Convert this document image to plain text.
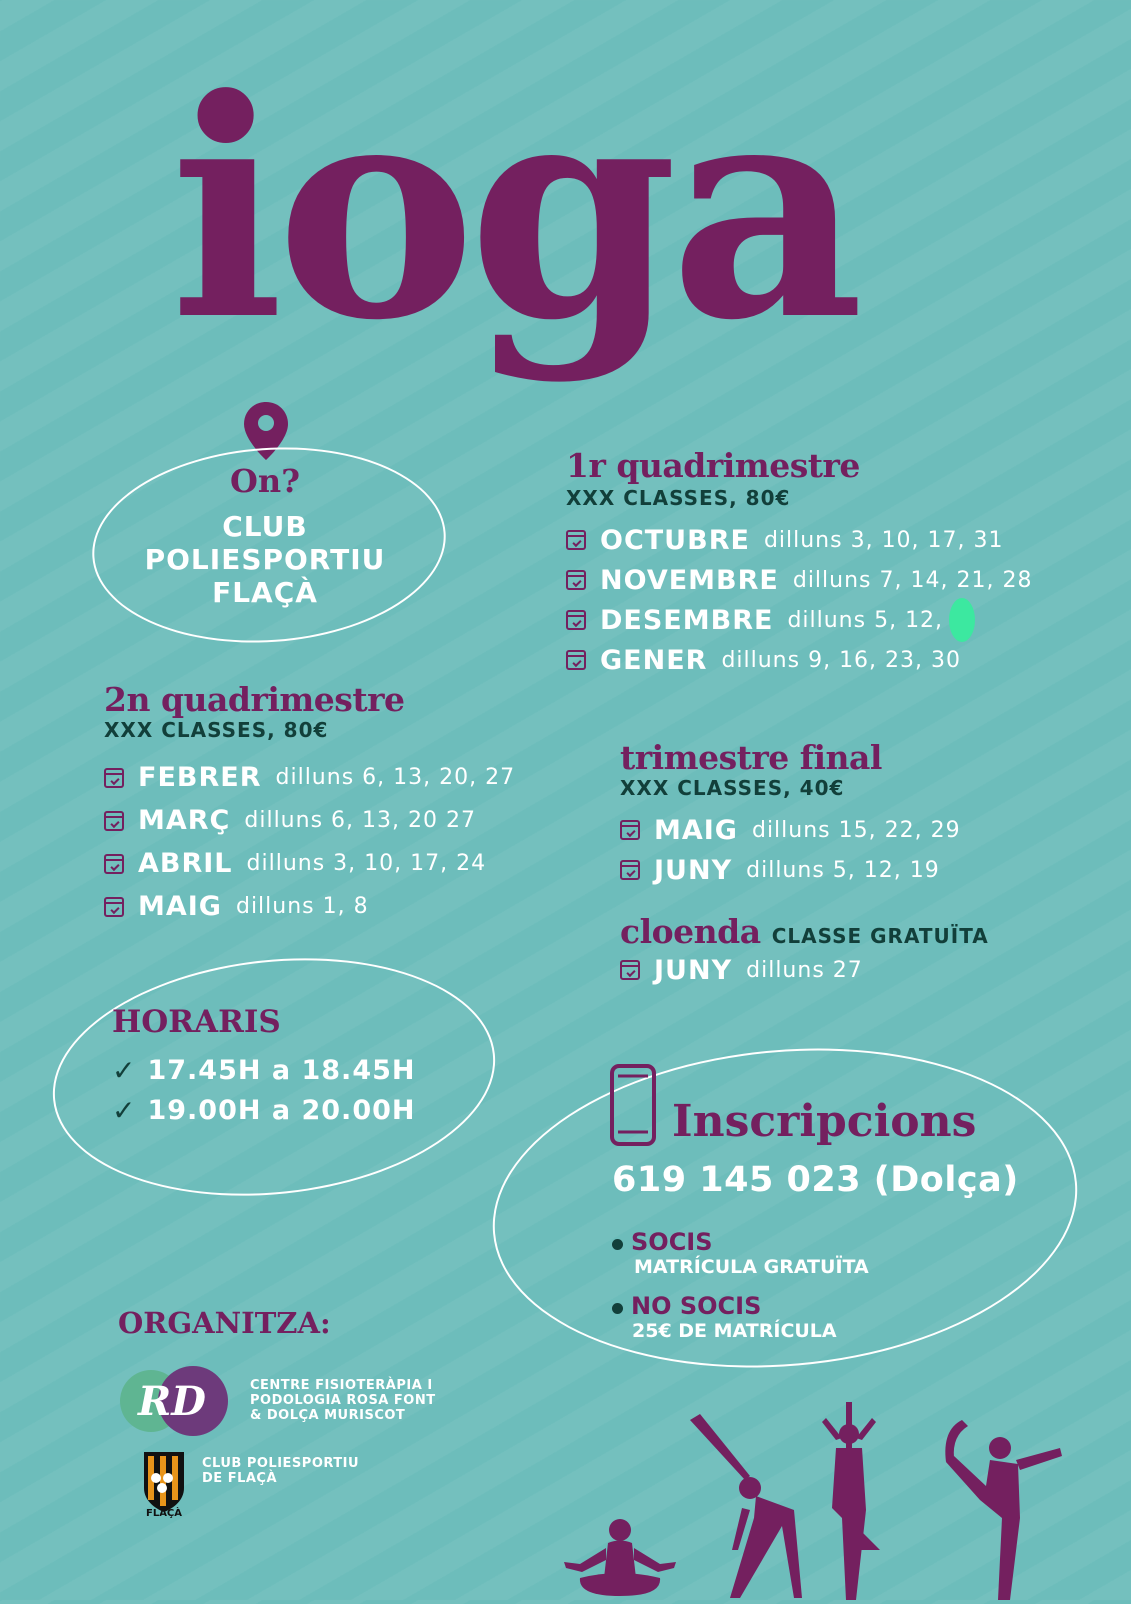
ioga
On?
CLUB
POLIESPORTIU
FLAÇÀ
1r quadrimestre
XXX CLASSES, 80€
OCTUBRE dilluns 3, 10, 17, 31
NOVEMBRE dilluns 7, 14, 21, 28
DESEMBRE dilluns 5, 12,
GENER dilluns 9, 16, 23, 30
2n quadrimestre
XXX CLASSES, 80€
FEBRER dilluns 6, 13, 20, 27
MARÇ dilluns 6, 13, 20 27
ABRIL dilluns 3, 10, 17, 24
MAIG dilluns 1, 8
trimestre final
XXX CLASSES, 40€
MAIG dilluns 15, 22, 29
JUNY dilluns 5, 12, 19
cloenda CLASSE GRATUÏTA
JUNY dilluns 27
HORARIS
✓ 17.45H a 18.45H
✓ 19.00H a 20.00H	Inscripcions
619 145 023 (Dolça)
SOCIS
MATRÍCULA GRATUÏTA
NO SOCIS
25€ DE MATRÍCULA
ORGANITZA:
RD	CENTRE FISIOTERÀPIA I
PODOLOGIA ROSA FONT
& DOLÇA MURISCOT
FLAÇÀ
CLUB POLIESPORTIU
DE FLAÇÀ
